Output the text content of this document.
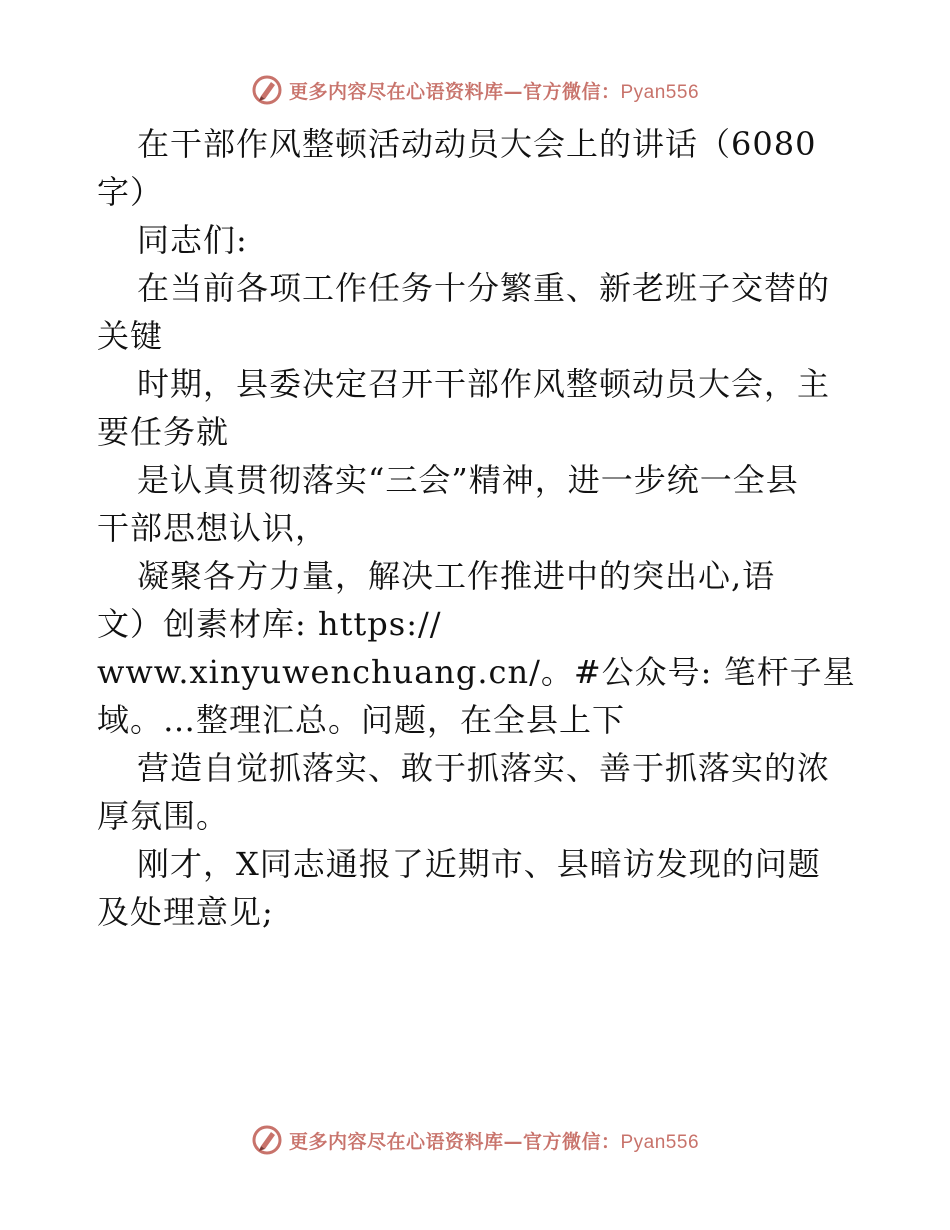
更多内容尽在心语资料库—官方微信：Pyan556
在干部作风整顿活动动员大会上的讲话（6080
字）
同志们:
在当前各项工作任务十分繁重、新老班子交替的
关键
时期，县委决定召开干部作风整顿动员大会，主
要任务就
是认真贯彻落实“三会”精神，进一步统一全县
干部思想认识，
凝聚各方力量，解决工作推进中的突出心,语
文）创素材库: https://
www.xinyuwenchuang.cn/。#公众号: 笔杆子星
域。…整理汇总。问题，在全县上下
营造自觉抓落实、敢于抓落实、善于抓落实的浓
厚氛围。
刚才，X同志通报了近期市、县暗访发现的问题
及处理意见;
更多内容尽在心语资料库—官方微信：Pyan556
